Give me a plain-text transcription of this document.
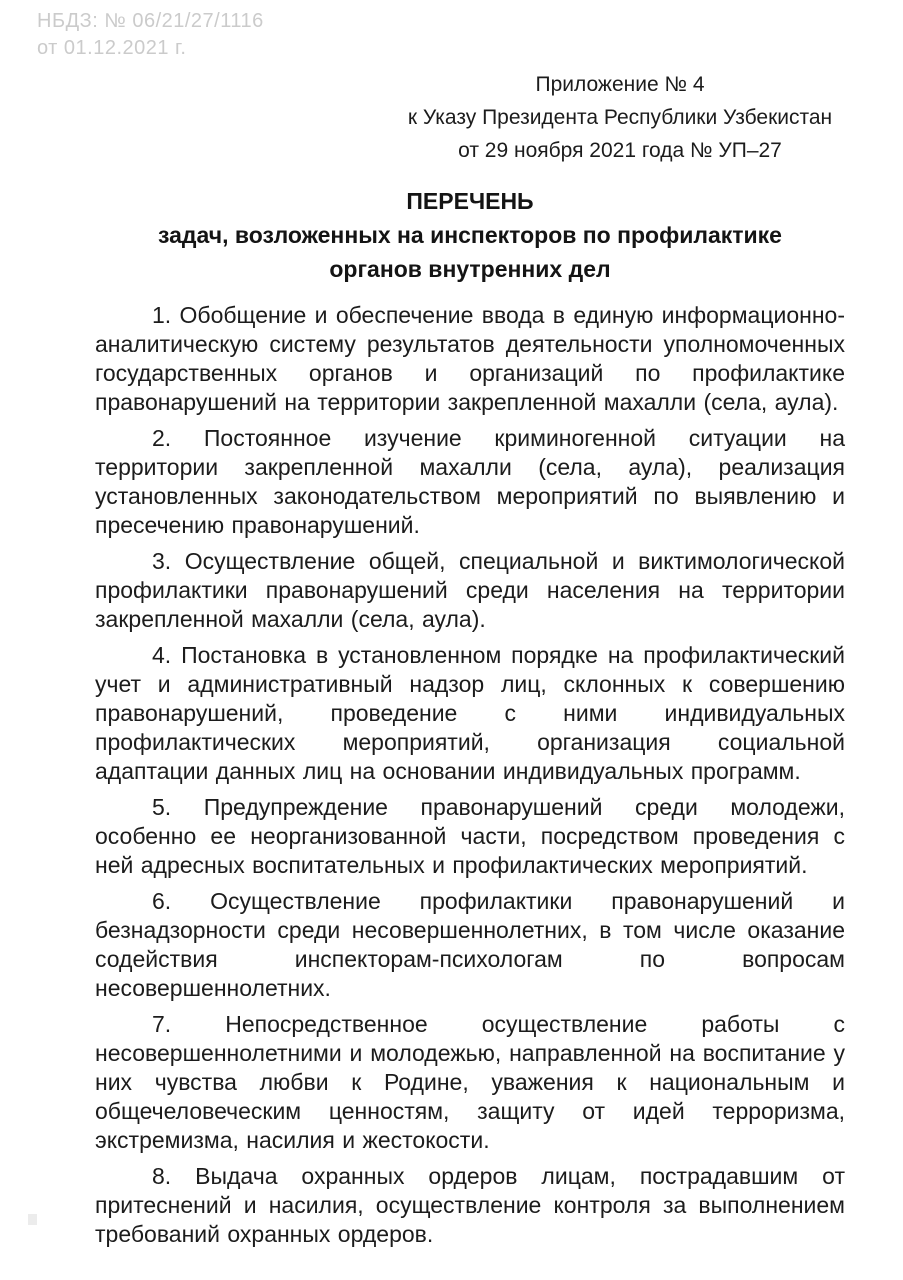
НБДЗ: № 06/21/27/1116
от 01.12.2021 г.
Приложение № 4
к Указу Президента Республики Узбекистан
от 29 ноября 2021 года № УП–27
ПЕРЕЧЕНЬ
задач, возложенных на инспекторов по профилактике
органов внутренних дел

1. Обобщение и обеспечение ввода в единую информационно-аналитическую систему результатов деятельности уполномоченных государственных органов и организаций по профилактике правонарушений на территории закрепленной махалли (села, аула).

2. Постоянное изучение криминогенной ситуации на территории закрепленной махалли (села, аула), реализация установленных законодательством мероприятий по выявлению и пресечению правонарушений.

3. Осуществление общей, специальной и виктимологической профилактики правонарушений среди населения на территории закрепленной махалли (села, аула).

4. Постановка в установленном порядке на профилактический учет и административный надзор лиц, склонных к совершению правонарушений, проведение с ними индивидуальных профилактических мероприятий, организация социальной адаптации данных лиц на основании индивидуальных программ.

5. Предупреждение правонарушений среди молодежи, особенно ее неорганизованной части, посредством проведения с ней адресных воспитательных и профилактических мероприятий.

6. Осуществление профилактики правонарушений и безнадзорности среди несовершеннолетних, в том числе оказание содействия инспекторам-психологам по вопросам несовершеннолетних.

7. Непосредственное осуществление работы с несовершеннолетними и молодежью, направленной на воспитание у них чувства любви к Родине, уважения к национальным и общечеловеческим ценностям, защиту от идей терроризма, экстремизма, насилия и жестокости.

8. Выдача охранных ордеров лицам, пострадавшим от притеснений и насилия, осуществление контроля за выполнением требований охранных ордеров.
